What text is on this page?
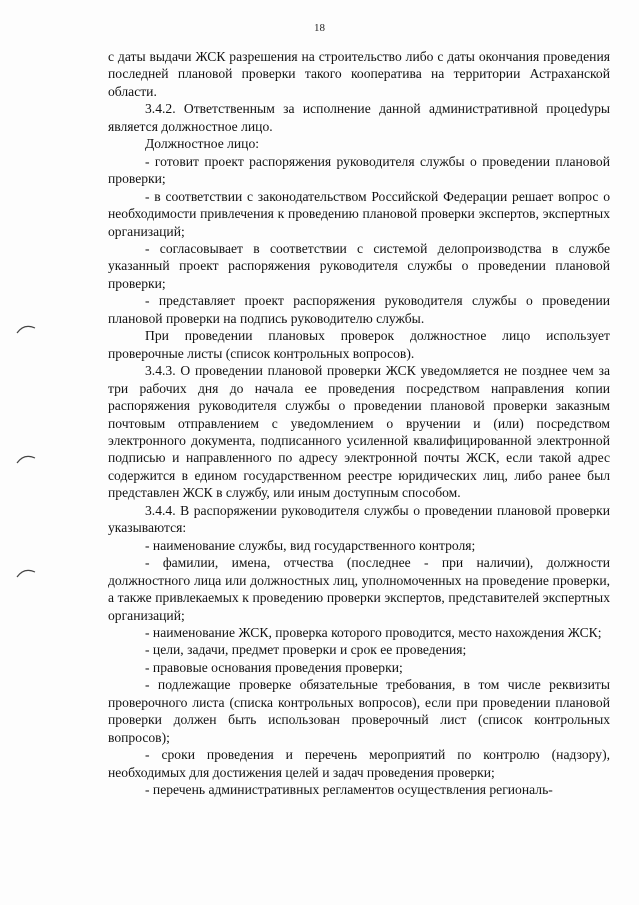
18

с даты выдачи ЖСК разрешения на строительство либо с даты окончания проведения последней плановой проверки такого кооператива на территории Астраханской области.

3.4.2. Ответственным за исполнение данной административной процеdуры является должностное лицо.

Должностное лицо:

- готовит проект распоряжения руководителя службы о проведении плановой проверки;

- в соответствии с законодательством Российской Федерации решает вопрос о необходимости привлечения к проведению плановой проверки экспертов, экспертных организаций;

- согласовывает в соответствии с системой делопроизводства в службе указанный проект распоряжения руководителя службы о проведении плановой проверки;

- представляет проект распоряжения руководителя службы о проведении плановой проверки на подпись руководителю службы.

При проведении плановых проверок должностное лицо использует проверочные листы (список контрольных вопросов).

3.4.3. О проведении плановой проверки ЖСК уведомляется не позднее чем за три рабочих дня до начала ее проведения посредством направления копии распоряжения руководителя службы о проведении плановой проверки заказным почтовым отправлением с уведомлением о вручении и (или) посредством электронного документа, подписанного усиленной квалифицированной электронной подписью и направленного по адресу электронной почты ЖСК, если такой адрес содержится в едином государственном реестре юридических лиц, либо ранее был представлен ЖСК в службу, или иным доступным способом.

3.4.4. В распоряжении руководителя службы о проведении плановой проверки указываются:

- наименование службы, вид государственного контроля;

- фамилии, имена, отчества (последнее - при наличии), должности должностного лица или должностных лиц, уполномоченных на проведение проверки, а также привлекаемых к проведению проверки экспертов, представителей экспертных организаций;

- наименование ЖСК, проверка которого проводится, место нахождения ЖСК;

- цели, задачи, предмет проверки и срок ее проведения;

- правовые основания проведения проверки;

- подлежащие проверке обязательные требования, в том числе реквизиты проверочного листа (списка контрольных вопросов), если при проведении плановой проверки должен быть использован проверочный лист (список контрольных вопросов);

- сроки проведения и перечень мероприятий по контролю (надзору), необходимых для достижения целей и задач проведения проверки;

- перечень административных регламентов осуществления региональ-
